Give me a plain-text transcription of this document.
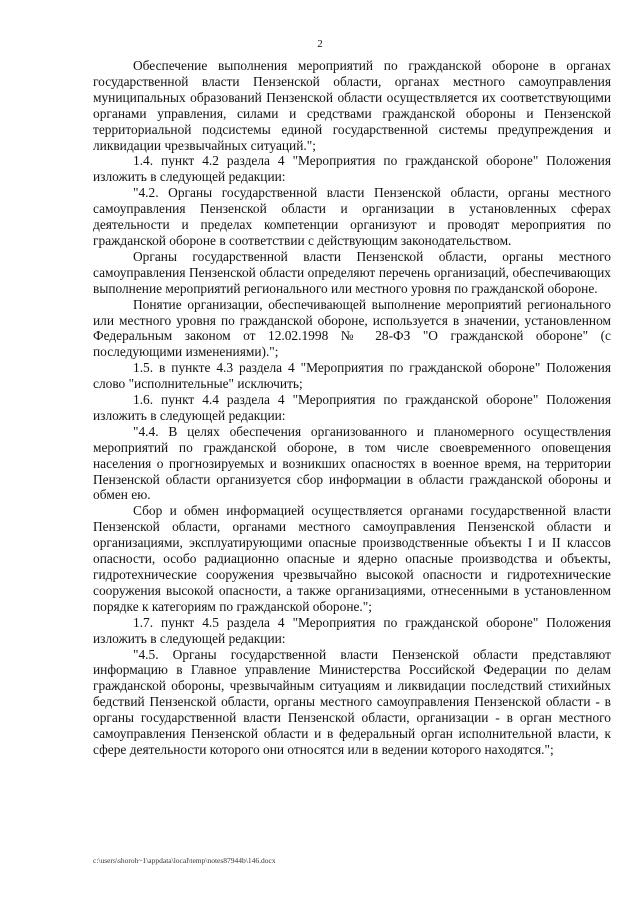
2

Обеспечение выполнения мероприятий по гражданской обороне в органах государственной власти Пензенской области, органах местного самоуправления муниципальных образований Пензенской области осуществляется их соответствующими органами управления, силами и средствами гражданской обороны и Пензенской территориальной подсистемы единой государственной системы предупреждения и ликвидации чрезвычайных ситуаций.";

1.4. пункт 4.2 раздела 4 "Мероприятия по гражданской обороне" Положения изложить в следующей редакции:

"4.2. Органы государственной власти Пензенской области, органы местного самоуправления Пензенской области и организации в установленных сферах деятельности и пределах компетенции организуют и проводят мероприятия по гражданской обороне в соответствии с действующим законодательством.

Органы государственной власти Пензенской области, органы местного самоуправления Пензенской области определяют перечень организаций, обеспечивающих выполнение мероприятий регионального или местного уровня по гражданской обороне.

Понятие организации, обеспечивающей выполнение мероприятий регионального или местного уровня по гражданской обороне, используется в значении, установленном Федеральным законом от 12.02.1998 № 28-ФЗ "О гражданской обороне" (с последующими изменениями).";

1.5. в пункте 4.3 раздела 4 "Мероприятия по гражданской обороне" Положения слово "исполнительные" исключить;

1.6. пункт 4.4 раздела 4 "Мероприятия по гражданской обороне" Положения изложить в следующей редакции:

"4.4. В целях обеспечения организованного и планомерного осуществления мероприятий по гражданской обороне, в том числе своевременного оповещения населения о прогнозируемых и возникших опасностях в военное время, на территории Пензенской области организуется сбор информации в области гражданской обороны и обмен ею.

Сбор и обмен информацией осуществляется органами государственной власти Пензенской области, органами местного самоуправления Пензенской области и организациями, эксплуатирующими опасные производственные объекты I и II классов опасности, особо радиационно опасные и ядерно опасные производства и объекты, гидротехнические сооружения чрезвычайно высокой опасности и гидротехнические сооружения высокой опасности, а также организациями, отнесенными в установленном порядке к категориям по гражданской обороне.";

1.7. пункт 4.5 раздела 4 "Мероприятия по гражданской обороне" Положения изложить в следующей редакции:

"4.5. Органы государственной власти Пензенской области представляют информацию в Главное управление Министерства Российской Федерации по делам гражданской обороны, чрезвычайным ситуациям и ликвидации последствий стихийных бедствий Пензенской области, органы местного самоуправления Пензенской области - в органы государственной власти Пензенской области, организации - в орган местного самоуправления Пензенской области и в федеральный орган исполнительной власти, к сфере деятельности которого они относятся или в ведении которого находятся.";

c:\users\shoroh~1\appdata\local\temp\notes87944b\146.docx
